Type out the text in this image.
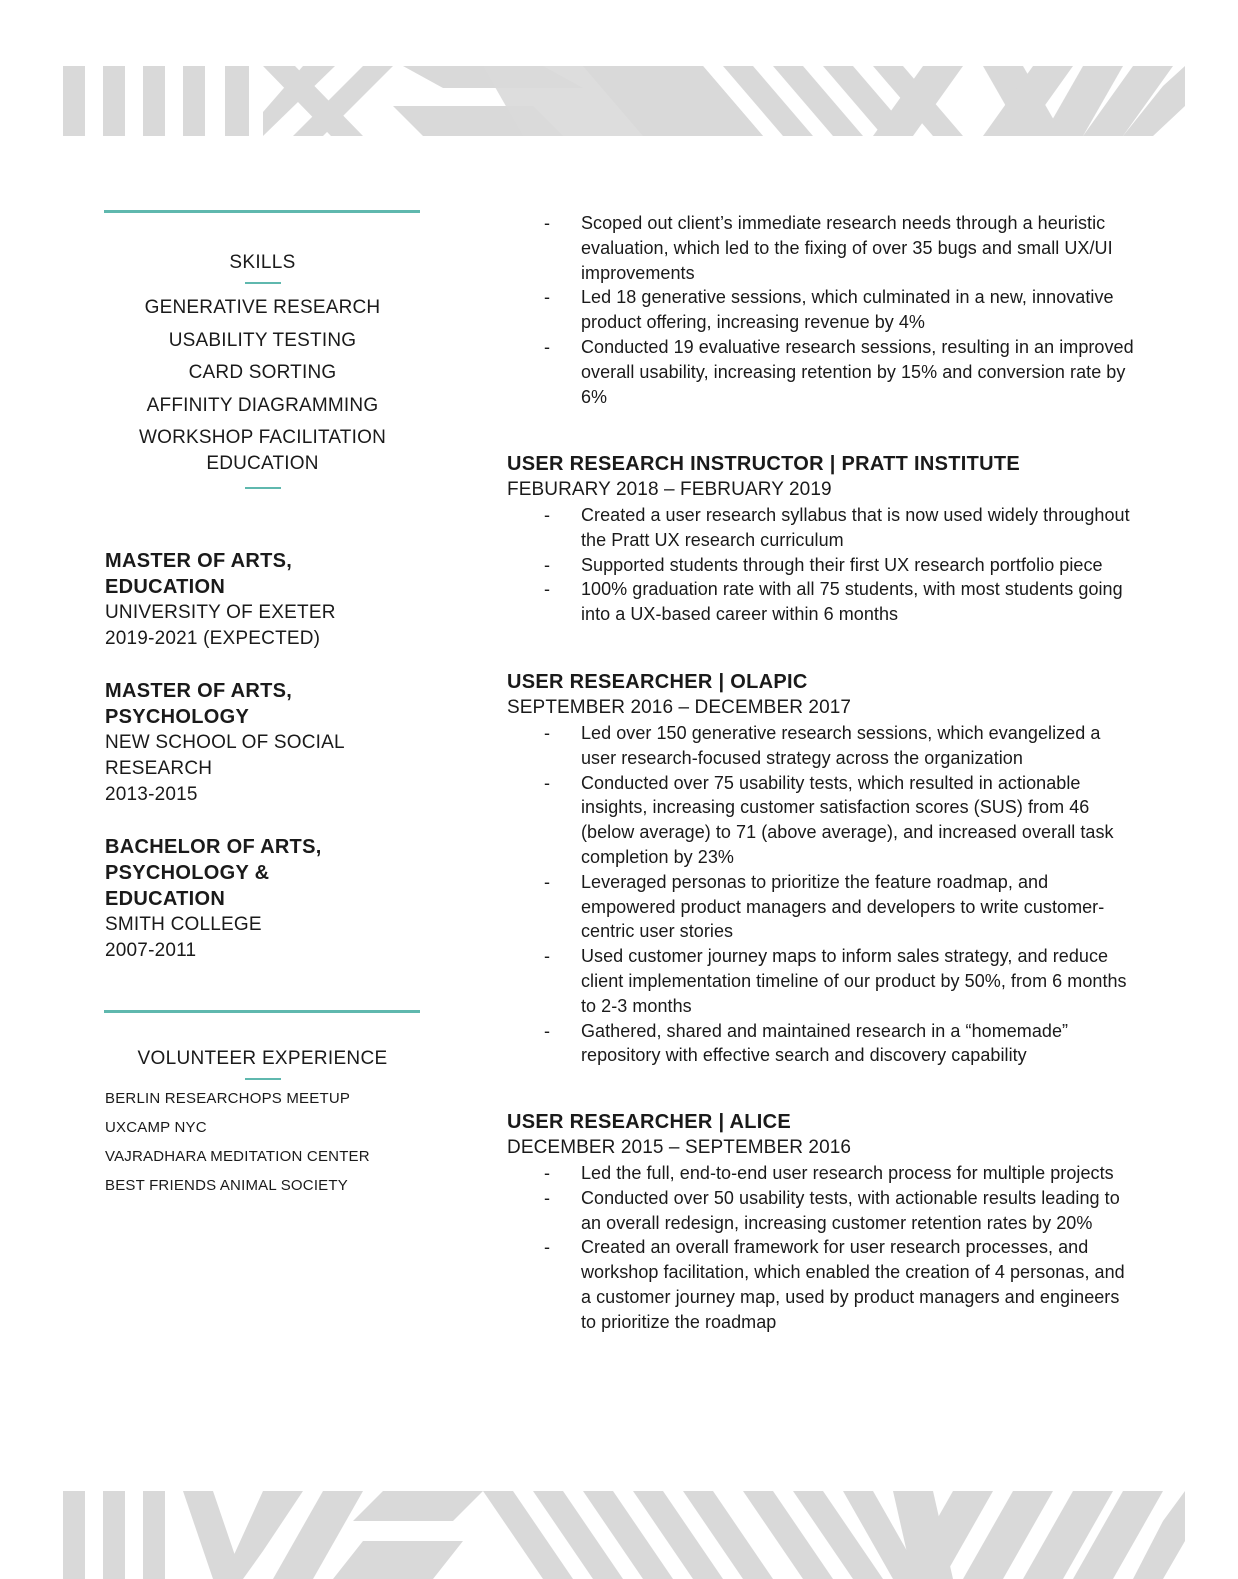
SKILLS
GENERATIVE RESEARCH
USABILITY TESTING
CARD SORTING
AFFINITY DIAGRAMMING
WORKSHOP FACILITATION
EDUCATION
MASTER OF ARTS,
EDUCATION
UNIVERSITY OF EXETER
2019-2021 (EXPECTED)
MASTER OF ARTS,
PSYCHOLOGY
NEW SCHOOL OF SOCIAL
RESEARCH
2013-2015
BACHELOR OF ARTS,
PSYCHOLOGY &
EDUCATION
SMITH COLLEGE
2007-2011
VOLUNTEER EXPERIENCE
BERLIN RESEARCHOPS MEETUP
UXCAMP NYC
VAJRADHARA MEDITATION CENTER
BEST FRIENDS ANIMAL SOCIETY
- Scoped out client’s immediate research needs through a heuristic evaluation, which led to the fixing of over 35 bugs and small UX/UI improvements
- Led 18 generative sessions, which culminated in a new, innovative product offering, increasing revenue by 4%
- Conducted 19 evaluative research sessions, resulting in an improved overall usability, increasing retention by 15% and conversion rate by 6%
USER RESEARCH INSTRUCTOR | PRATT INSTITUTE
FEBURARY 2018 – FEBRUARY 2019
- Created a user research syllabus that is now used widely throughout the Pratt UX research curriculum
- Supported students through their first UX research portfolio piece
- 100% graduation rate with all 75 students, with most students going into a UX-based career within 6 months
USER RESEARCHER | OLAPIC
SEPTEMBER 2016 – DECEMBER 2017
- Led over 150 generative research sessions, which evangelized a user research-focused strategy across the organization
- Conducted over 75 usability tests, which resulted in actionable insights, increasing customer satisfaction scores (SUS) from 46 (below average) to 71 (above average), and increased overall task completion by 23%
- Leveraged personas to prioritize the feature roadmap, and empowered product managers and developers to write customer-centric user stories
- Used customer journey maps to inform sales strategy, and reduce client implementation timeline of our product by 50%, from 6 months to 2-3 months
- Gathered, shared and maintained research in a “homemade” repository with effective search and discovery capability
USER RESEARCHER | ALICE
DECEMBER 2015 – SEPTEMBER 2016
- Led the full, end-to-end user research process for multiple projects
- Conducted over 50 usability tests, with actionable results leading to an overall redesign, increasing customer retention rates by 20%
- Created an overall framework for user research processes, and workshop facilitation, which enabled the creation of 4 personas, and a customer journey map, used by product managers and engineers to prioritize the roadmap
